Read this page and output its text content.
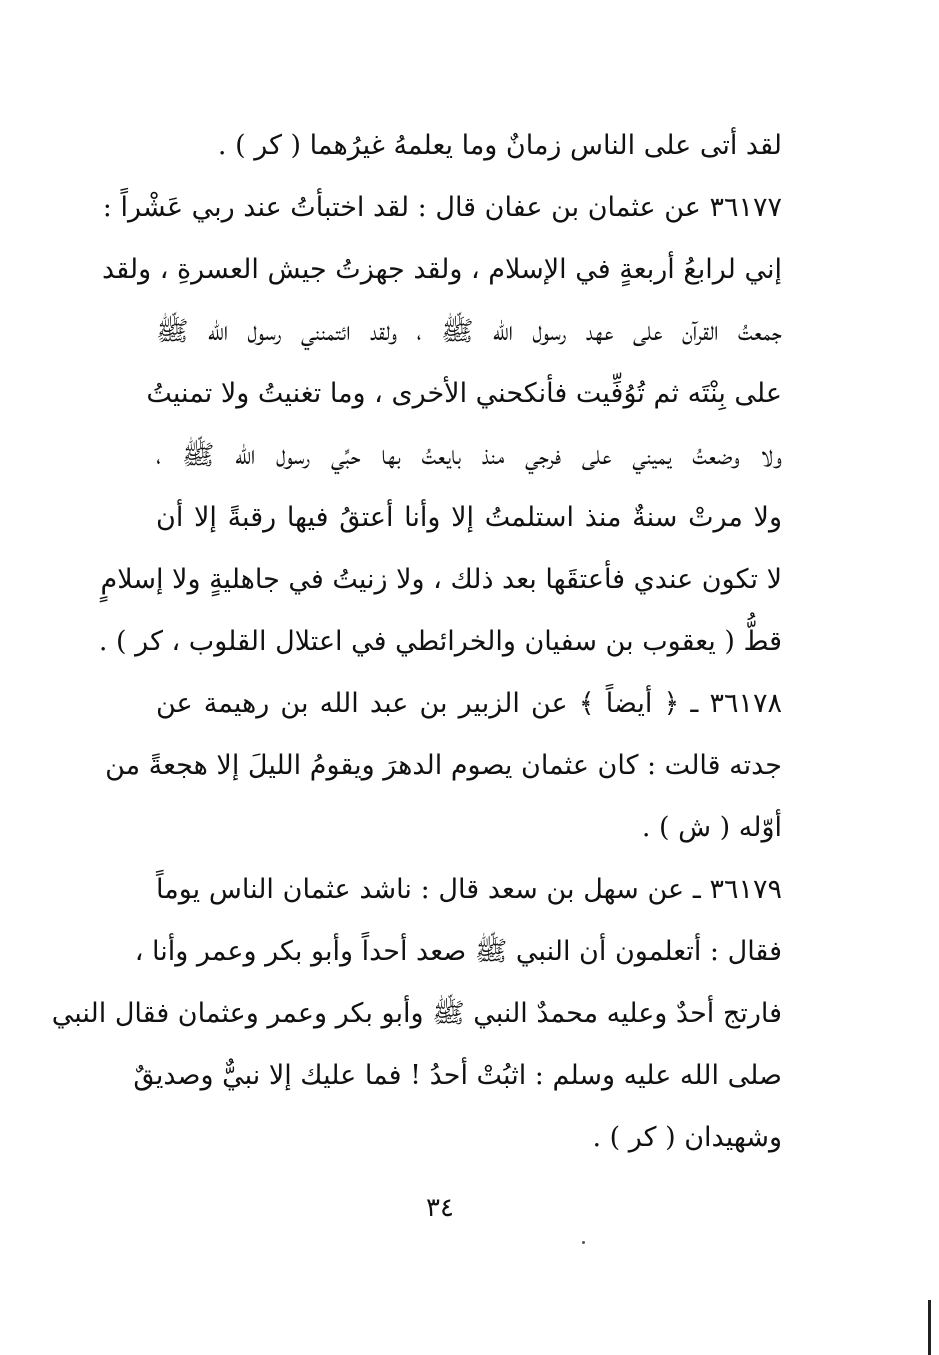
لقد أتى على الناس زمانٌ وما يعلمهُ غيرُهما ( كر ) .
٣٦١٧٧ عن عثمان بن عفان قال : لقد اختبأتُ عند ربي عَشْراً :
إني لرابعُ أربعةٍ في الإسلام ، ولقد جهزتُ جيش العسرةِ ، ولقد
جمعتُ القرآن على عهد رسول الله ﷺ ، ولقد ائتمنني رسول الله ﷺ
على بِنْتَه ثم تُوُفِّيت فأنكحني الأخرى ، وما تغنيتُ ولا تمنيتُ
ولا وضعتُ يميني على فرجي منذ بايعتُ بها حبِّي رسول الله ﷺ ،
ولا مرتْ سنةٌ منذ استلمتُ إلا وأنا أعتقُ فيها رقبةً إلا أن
لا تكون عندي فأعتقَها بعد ذلك ، ولا زنيتُ في جاهليةٍ ولا إسلامٍ
قطُّ ( يعقوب بن سفيان والخرائطي في اعتلال القلوب ، كر ) .
٣٦١٧٨ ـ ﴿ أيضاً ﴾ عن الزبير بن عبد الله بن رهيمة عن
جدته قالت : كان عثمان يصوم الدهرَ ويقومُ الليلَ إلا هجعةً من
أوّله ( ش ) .
٣٦١٧٩ ـ عن سهل بن سعد قال : ناشد عثمان الناس يوماً
فقال : أتعلمون أن النبي ﷺ صعد أحداً وأبو بكر وعمر وأنا ،
فارتج أحدٌ وعليه محمدٌ النبي ﷺ وأبو بكر وعمر وعثمان فقال النبي
صلى الله عليه وسلم : اثبُتْ أحدُ ! فما عليك إلا نبيٌّ وصديقٌ
وشهيدان ( كر ) .
٣٤
